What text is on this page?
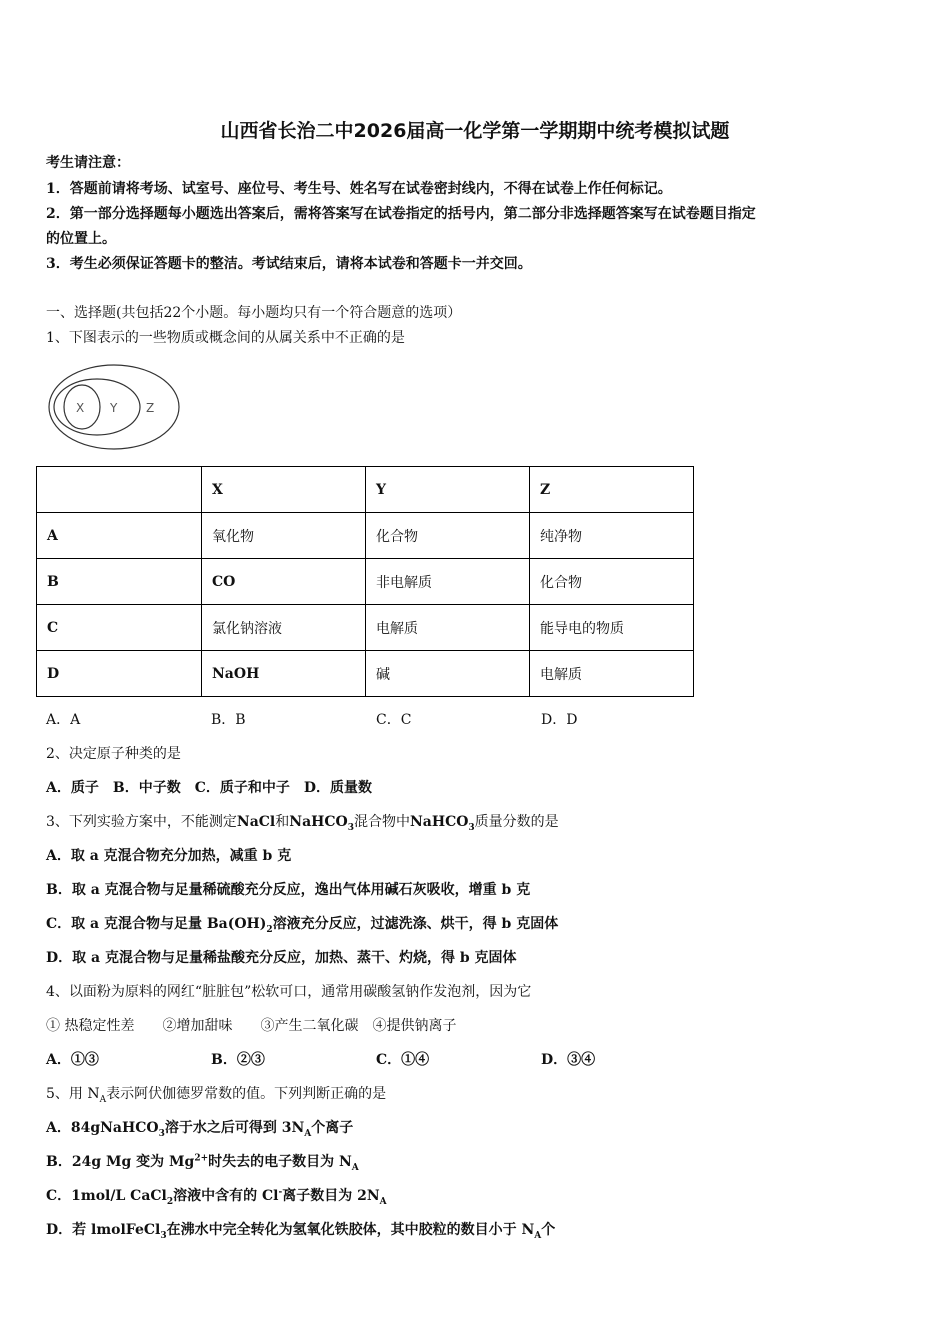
山西省长治二中2026届高一化学第一学期期中统考模拟试题
考生请注意：
1．答题前请将考场、试室号、座位号、考生号、姓名写在试卷密封线内，不得在试卷上作任何标记。
2．第一部分选择题每小题选出答案后，需将答案写在试卷指定的括号内，第二部分非选择题答案写在试卷题目指定
的位置上。
3．考生必须保证答题卡的整洁。考试结束后，请将本试卷和答题卡一并交回。
一、选择题(共包括22个小题。每小题均只有一个符合题意的选项）
1、下图表示的一些物质或概念间的从属关系中不正确的是
X Y Z
	X	Y	Z
A	氧化物	化合物	纯净物
B	CO	非电解质	化合物
C	氯化钠溶液	电解质	能导电的物质
D	NaOH	碱	电解质
A．A	B．B	C．C	D．D
2、决定原子种类的是
A．质子　B．中子数　C．质子和中子　D．质量数
3、下列实验方案中，不能测定NaCl和NaHCO$_3$混合物中NaHCO$_3$质量分数的是
A．取 a 克混合物充分加热，减重 b 克
B．取 a 克混合物与足量稀硫酸充分反应，逸出气体用碱石灰吸收，增重 b 克
C．取 a 克混合物与足量 $Ba(OH)_2$溶液充分反应，过滤洗涤、烘干，得 b 克固体
D．取 a 克混合物与足量稀盐酸充分反应，加热、蒸干、灼烧，得 b 克固体
4、以面粉为原料的网红“脏脏包”松软可口，通常用碳酸氢钠作发泡剂，因为它
① 热稳定性差　　②增加甜味　　③产生二氧化碳　④提供钠离子
A．①③	B．②③	C．①④	D．③④
5、用 $N_A$表示阿伏伽德罗常数的值。下列判断正确的是
A．84gNaHCO$_3$溶于水之后可得到 $3N_A$个离子
B．24g Mg 变为 $Mg^{2+}$时失去的电子数目为 $N_A$
C．1mol/L CaCl$_2$溶液中含有的 Cl-离子数目为 $2N_A$
D．若 lmolFeCl$_3$在沸水中完全转化为氢氧化铁胶体，其中胶粒的数目小于 $N_A$个
